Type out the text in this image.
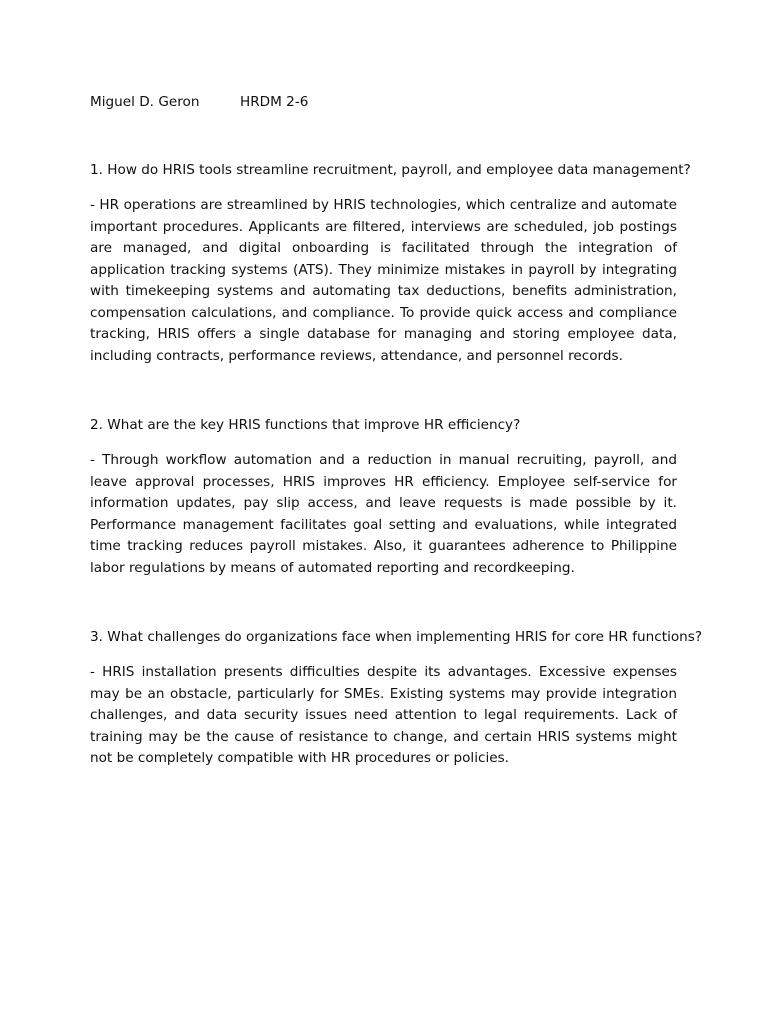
Miguel D. Geron	HRDM 2-6

1. How do HRIS tools streamline recruitment, payroll, and employee data management?

- HR operations are streamlined by HRIS technologies, which centralize and automate important procedures. Applicants are filtered, interviews are scheduled, job postings are managed, and digital onboarding is facilitated through the integration of application tracking systems (ATS). They minimize mistakes in payroll by integrating with timekeeping systems and automating tax deductions, benefits administration, compensation calculations, and compliance. To provide quick access and compliance tracking, HRIS offers a single database for managing and storing employee data, including contracts, performance reviews, attendance, and personnel records.

2. What are the key HRIS functions that improve HR efficiency?

- Through workflow automation and a reduction in manual recruiting, payroll, and leave approval processes, HRIS improves HR efficiency. Employee self-service for information updates, pay slip access, and leave requests is made possible by it. Performance management facilitates goal setting and evaluations, while integrated time tracking reduces payroll mistakes. Also, it guarantees adherence to Philippine labor regulations by means of automated reporting and recordkeeping.

3. What challenges do organizations face when implementing HRIS for core HR functions?

- HRIS installation presents difficulties despite its advantages. Excessive expenses may be an obstacle, particularly for SMEs. Existing systems may provide integration challenges, and data security issues need attention to legal requirements. Lack of training may be the cause of resistance to change, and certain HRIS systems might not be completely compatible with HR procedures or policies.
